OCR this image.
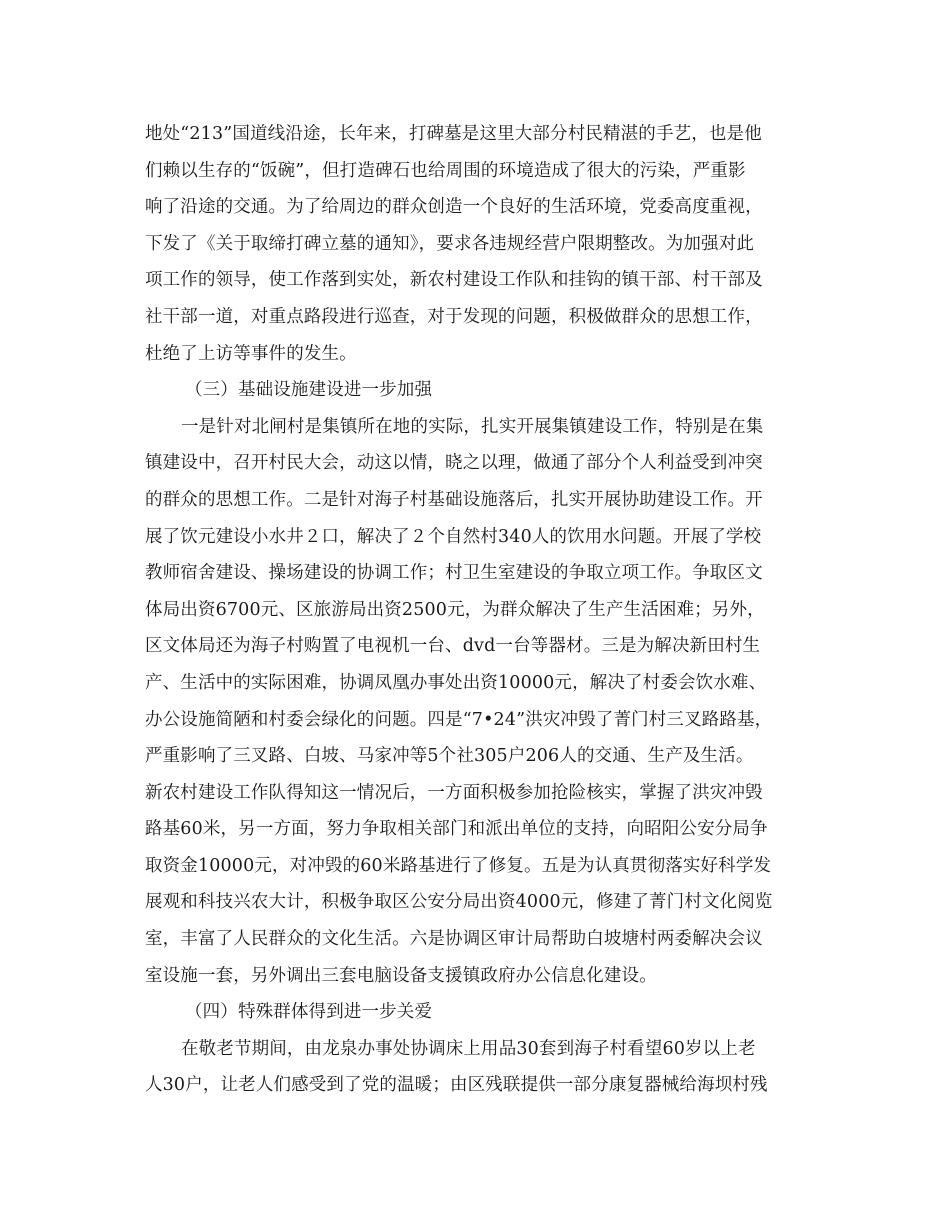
地处“213”国道线沿途，长年来，打碑墓是这里大部分村民精湛的手艺，也是他
们赖以生存的“饭碗”，但打造碑石也给周围的环境造成了很大的污染，严重影
响了沿途的交通。为了给周边的群众创造一个良好的生活环境，党委高度重视，
下发了《关于取缔打碑立墓的通知》，要求各违规经营户限期整改。为加强对此
项工作的领导，使工作落到实处，新农村建设工作队和挂钩的镇干部、村干部及
社干部一道，对重点路段进行巡查，对于发现的问题，积极做群众的思想工作，
杜绝了上访等事件的发生。
（三）基础设施建设进一步加强
一是针对北闸村是集镇所在地的实际，扎实开展集镇建设工作，特别是在集
镇建设中，召开村民大会，动这以情，晓之以理，做通了部分个人利益受到冲突
的群众的思想工作。二是针对海子村基础设施落后，扎实开展协助建设工作。开
展了饮元建设小水井２口，解决了２个自然村340人的饮用水问题。开展了学校
教师宿舍建设、操场建设的协调工作；村卫生室建设的争取立项工作。争取区文
体局出资6700元、区旅游局出资2500元，为群众解决了生产生活困难；另外，
区文体局还为海子村购置了电视机一台、dvd一台等器材。三是为解决新田村生
产、生活中的实际困难，协调凤凰办事处出资10000元，解决了村委会饮水难、
办公设施简陋和村委会绿化的问题。四是“7•24”洪灾冲毁了菁门村三叉路路基，
严重影响了三叉路、白坡、马家冲等5个社305户206人的交通、生产及生活。
新农村建设工作队得知这一情况后，一方面积极参加抢险核实，掌握了洪灾冲毁
路基60米，另一方面，努力争取相关部门和派出单位的支持，向昭阳公安分局争
取资金10000元，对冲毁的60米路基进行了修复。五是为认真贯彻落实好科学发
展观和科技兴农大计，积极争取区公安分局出资4000元，修建了菁门村文化阅览
室，丰富了人民群众的文化生活。六是协调区审计局帮助白坡塘村两委解决会议
室设施一套，另外调出三套电脑设备支援镇政府办公信息化建设。
（四）特殊群体得到进一步关爱
在敬老节期间，由龙泉办事处协调床上用品30套到海子村看望60岁以上老
人30户，让老人们感受到了党的温暖；由区残联提供一部分康复器械给海坝村残
